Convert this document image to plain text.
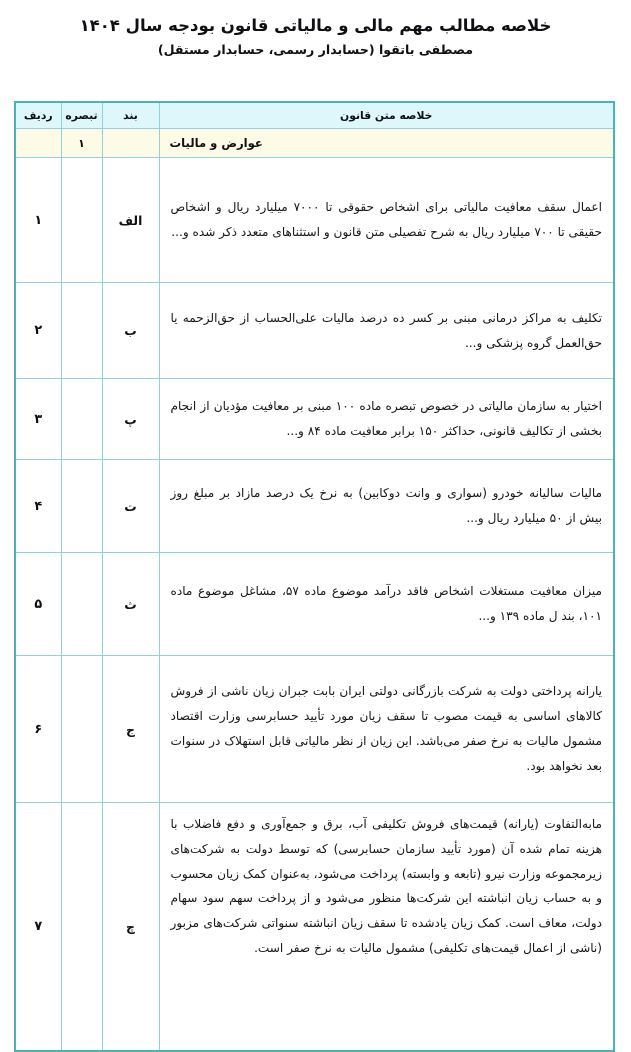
خلاصه مطالب مهم مالی و مالیاتی قانون بودجه سال ۱۴۰۴
مصطفی باتقوا (حسابدار رسمی، حسابدار مستقل)
خلاصه متن قانون	بند	تبصره	ردیف
عوارض و مالیات		۱	
اعمال سقف معافیت مالیاتی برای اشخاص حقوقی تا ۷۰۰۰ میلیارد ریال و اشخاص حقیقی تا ۷۰۰ میلیارد ریال به شرح تفصیلی متن قانون و استثناهای متعدد ذکر شده و...	الف		۱
تکلیف به مراکز درمانی مبنی بر کسر ده درصد مالیات علی‌الحساب از حق‌الزحمه یا حق‌العمل گروه پزشکی و...	ب		۲
اختیار به سازمان مالیاتی در خصوص تبصره ماده ۱۰۰ مبنی بر معافیت مؤدیان از انجام بخشی از تکالیف قانونی، حداکثر ۱۵۰ برابر معافیت ماده ۸۴ و...	پ		۳
مالیات سالیانه خودرو (سواری و وانت دوکابین) به نرخ یک درصد مازاد بر مبلغ روز بیش از ۵۰ میلیارد ریال و...	ت		۴
میزان معافیت مستغلات اشخاص فاقد درآمد موضوع ماده ۵۷، مشاغل موضوع ماده ۱۰۱، بند ل ماده ۱۳۹ و...	ث		۵
یارانه پرداختی دولت به شرکت بازرگانی دولتی ایران بابت جبران زیان ناشی از فروش کالاهای اساسی به قیمت مصوب تا سقف زیان مورد تأیید حسابرسی وزارت اقتصاد مشمول مالیات به نرخ صفر می‌باشد. این زیان از نظر مالیاتی قابل استهلاک در سنوات بعد نخواهد بود.	ج		۶
مابه‌التفاوت (یارانه) قیمت‌های فروش تکلیفی آب، برق و جمع‌آوری و دفع فاضلاب با هزینه تمام شده آن (مورد تأیید سازمان حسابرسی) که توسط دولت به شرکت‌های زیرمجموعه وزارت نیرو (تابعه و وابسته) پرداخت می‌شود، به‌عنوان کمک زیان محسوب و به حساب زیان انباشته این شرکت‌ها منظور می‌شود و از پرداخت سهم سود سهام دولت، معاف است. کمک زیان یادشده تا سقف زیان انباشته سنواتی شرکت‌های مزبور (ناشی از اعمال قیمت‌های تکلیفی) مشمول مالیات به نرخ صفر است.	چ		۷
